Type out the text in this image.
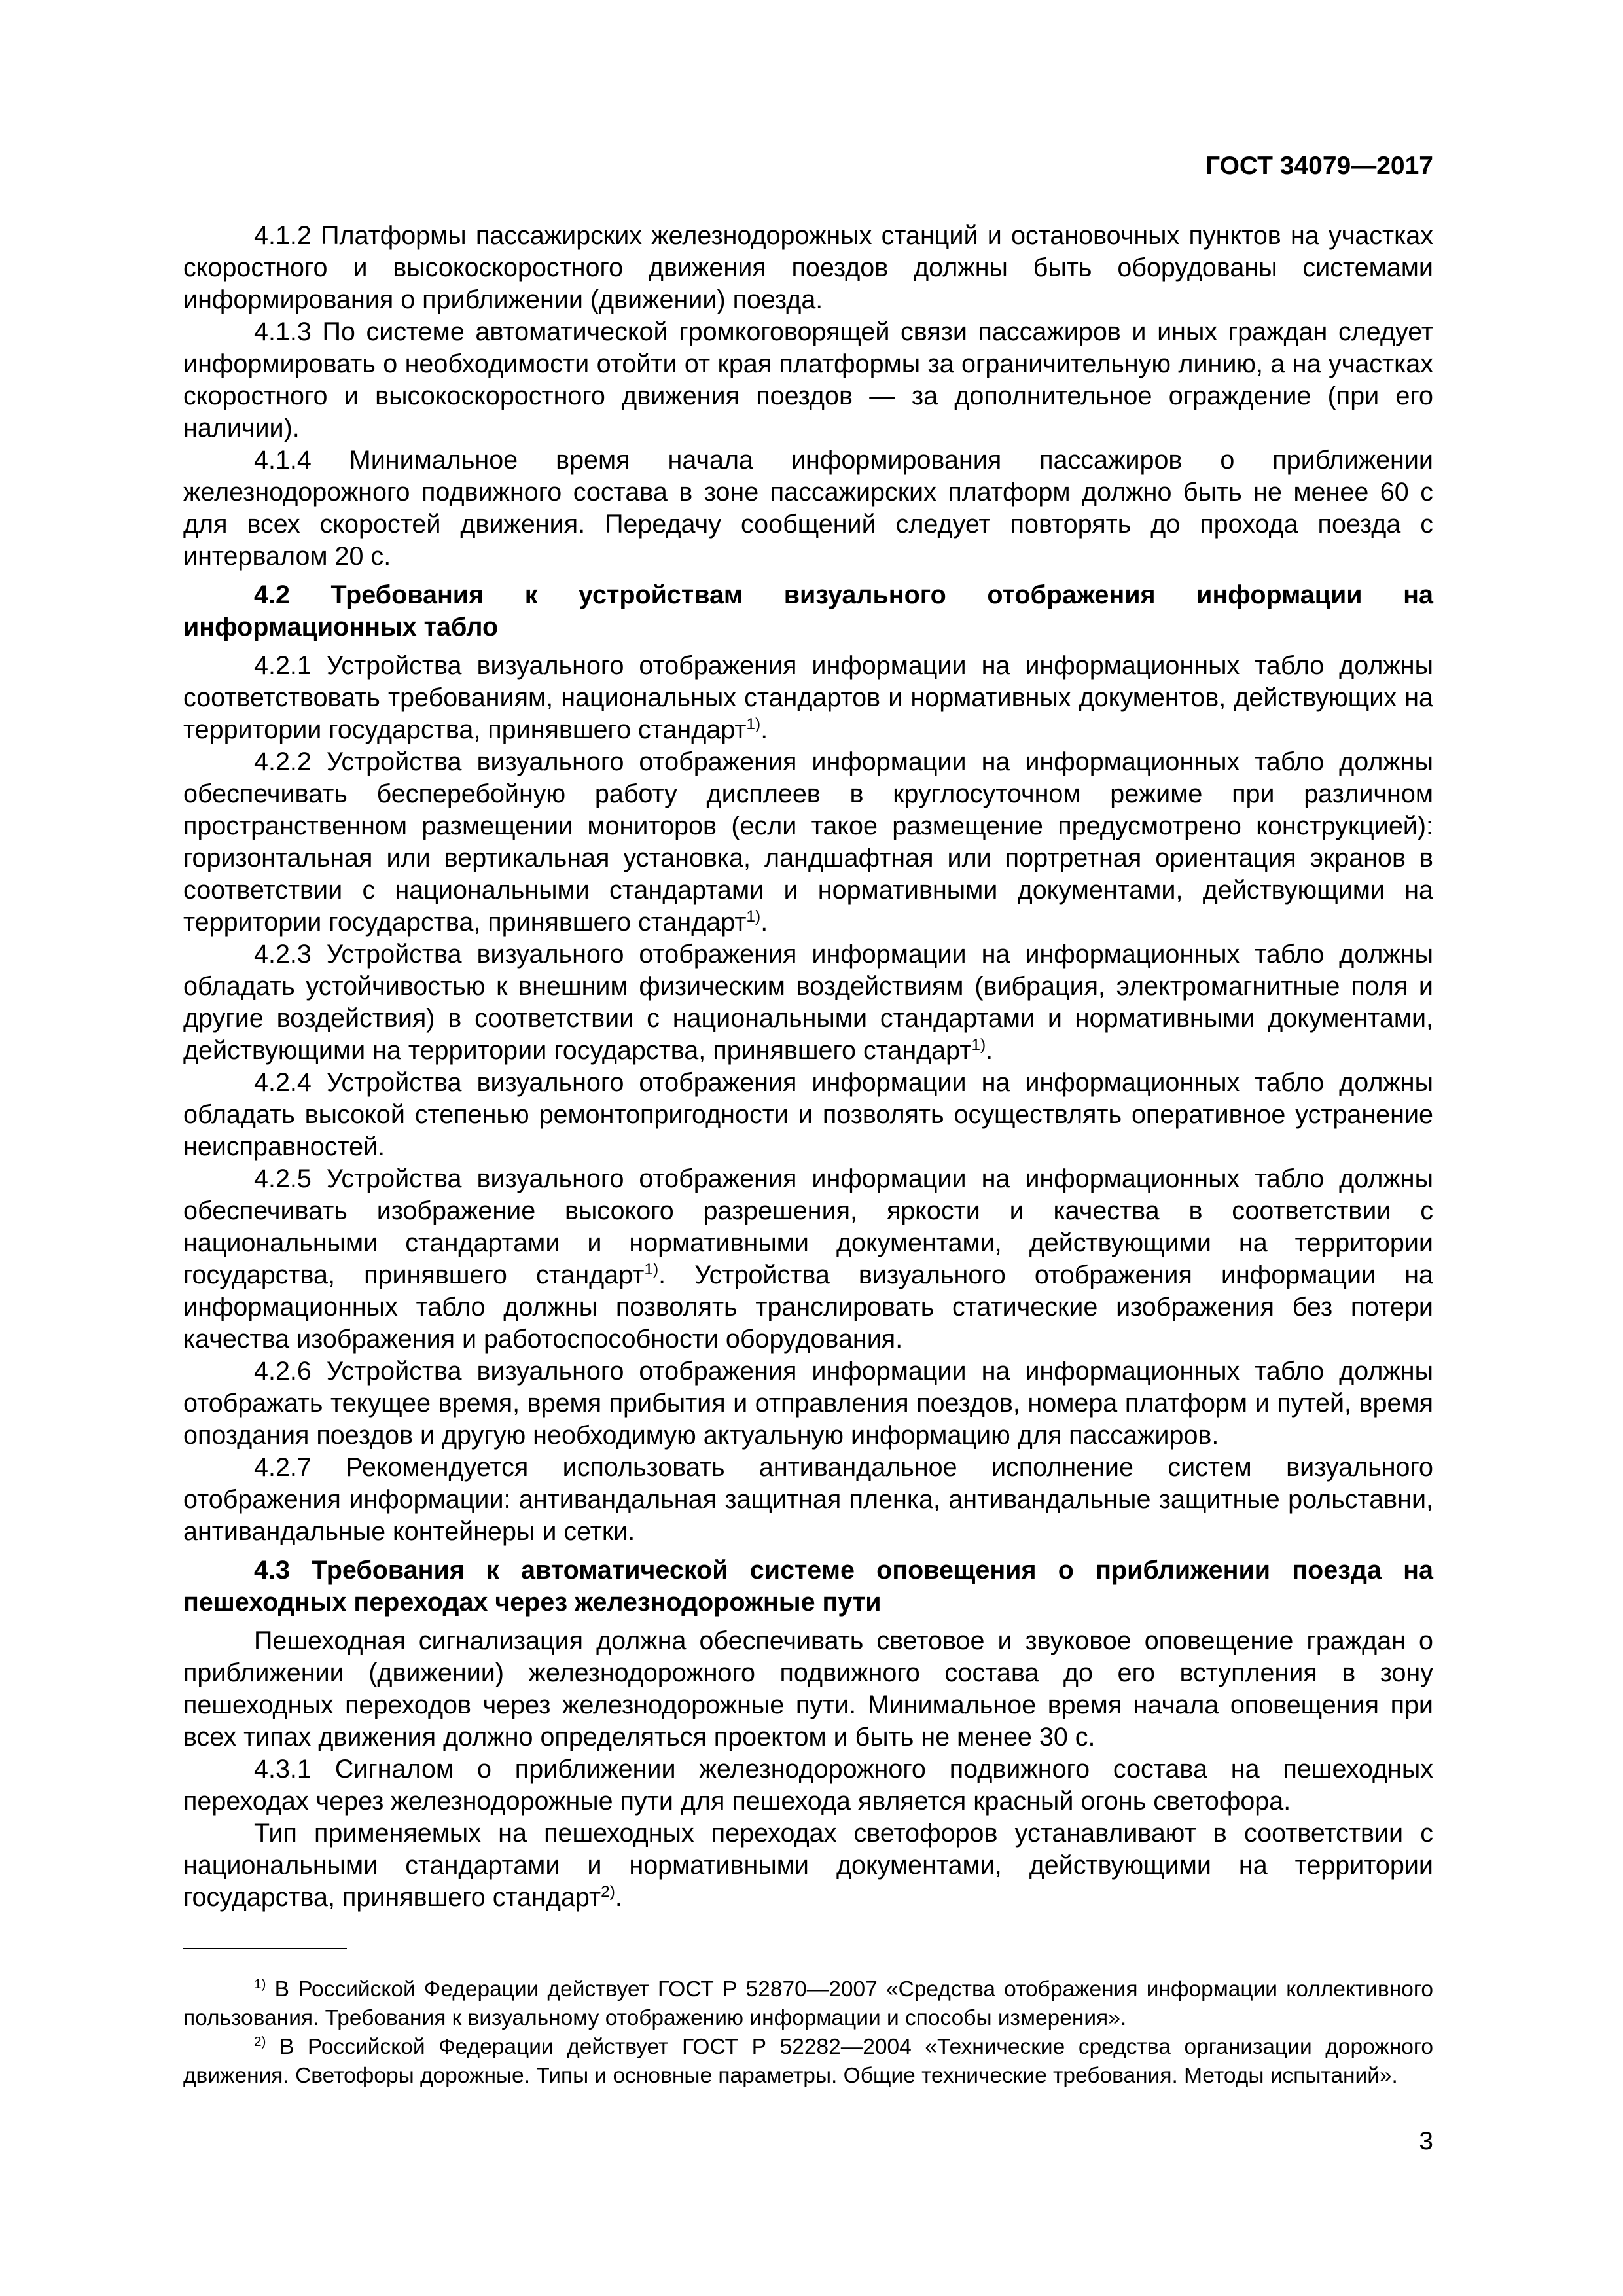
ГОСТ 34079—2017

4.1.2 Платформы пассажирских железнодорожных станций и остановочных пунктов на участках скоростного и высокоскоростного движения поездов должны быть оборудованы системами информирования о приближении (движении) поезда.

4.1.3 По системе автоматической громкоговорящей связи пассажиров и иных граждан следует информировать о необходимости отойти от края платформы за ограничительную линию, а на участках скоростного и высокоскоростного движения поездов — за дополнительное ограждение (при его наличии).

4.1.4 Минимальное время начала информирования пассажиров о приближении железнодорожного подвижного состава в зоне пассажирских платформ должно быть не менее 60 с для всех скоростей движения. Передачу сообщений следует повторять до прохода поезда с интервалом 20 с.

4.2 Требования к устройствам визуального отображения информации на информационных табло

4.2.1 Устройства визуального отображения информации на информационных табло должны соответствовать требованиям, национальных стандартов и нормативных документов, действующих на территории государства, принявшего стандарт$^{1)}$.

4.2.2 Устройства визуального отображения информации на информационных табло должны обеспечивать бесперебойную работу дисплеев в круглосуточном режиме при различном пространственном размещении мониторов (если такое размещение предусмотрено конструкцией): горизонтальная или вертикальная установка, ландшафтная или портретная ориентация экранов в соответствии с национальными стандартами и нормативными документами, действующими на территории государства, принявшего стандарт$^{1)}$.

4.2.3 Устройства визуального отображения информации на информационных табло должны обладать устойчивостью к внешним физическим воздействиям (вибрация, электромагнитные поля и другие воздействия) в соответствии с национальными стандартами и нормативными документами, действующими на территории государства, принявшего стандарт$^{1)}$.

4.2.4 Устройства визуального отображения информации на информационных табло должны обладать высокой степенью ремонтопригодности и позволять осуществлять оперативное устранение неисправностей.

4.2.5 Устройства визуального отображения информации на информационных табло должны обеспечивать изображение высокого разрешения, яркости и качества в соответствии с национальными стандартами и нормативными документами, действующими на территории государства, принявшего стандарт$^{1)}$. Устройства визуального отображения информации на информационных табло должны позволять транслировать статические изображения без потери качества изображения и работоспособности оборудования.

4.2.6 Устройства визуального отображения информации на информационных табло должны отображать текущее время, время прибытия и отправления поездов, номера платформ и путей, время опоздания поездов и другую необходимую актуальную информацию для пассажиров.

4.2.7 Рекомендуется использовать антивандальное исполнение систем визуального отображения информации: антивандальная защитная пленка, антивандальные защитные рольставни, антивандальные контейнеры и сетки.

4.3 Требования к автоматической системе оповещения о приближении поезда на пешеходных переходах через железнодорожные пути

Пешеходная сигнализация должна обеспечивать световое и звуковое оповещение граждан о приближении (движении) железнодорожного подвижного состава до его вступления в зону пешеходных переходов через железнодорожные пути. Минимальное время начала оповещения при всех типах движения должно определяться проектом и быть не менее 30 с.

4.3.1 Сигналом о приближении железнодорожного подвижного состава на пешеходных переходах через железнодорожные пути для пешехода является красный огонь светофора.

Тип применяемых на пешеходных переходах светофоров устанавливают в соответствии с национальными стандартами и нормативными документами, действующими на территории государства, принявшего стандарт$^{2)}$.

$^{1)}$ В Российской Федерации действует ГОСТ Р 52870—2007 «Средства отображения информации коллективного пользования. Требования к визуальному отображению информации и способы измерения».

$^{2)}$ В Российской Федерации действует ГОСТ Р 52282—2004 «Технические средства организации дорожного движения. Светофоры дорожные. Типы и основные параметры. Общие технические требования. Методы испытаний».

3
